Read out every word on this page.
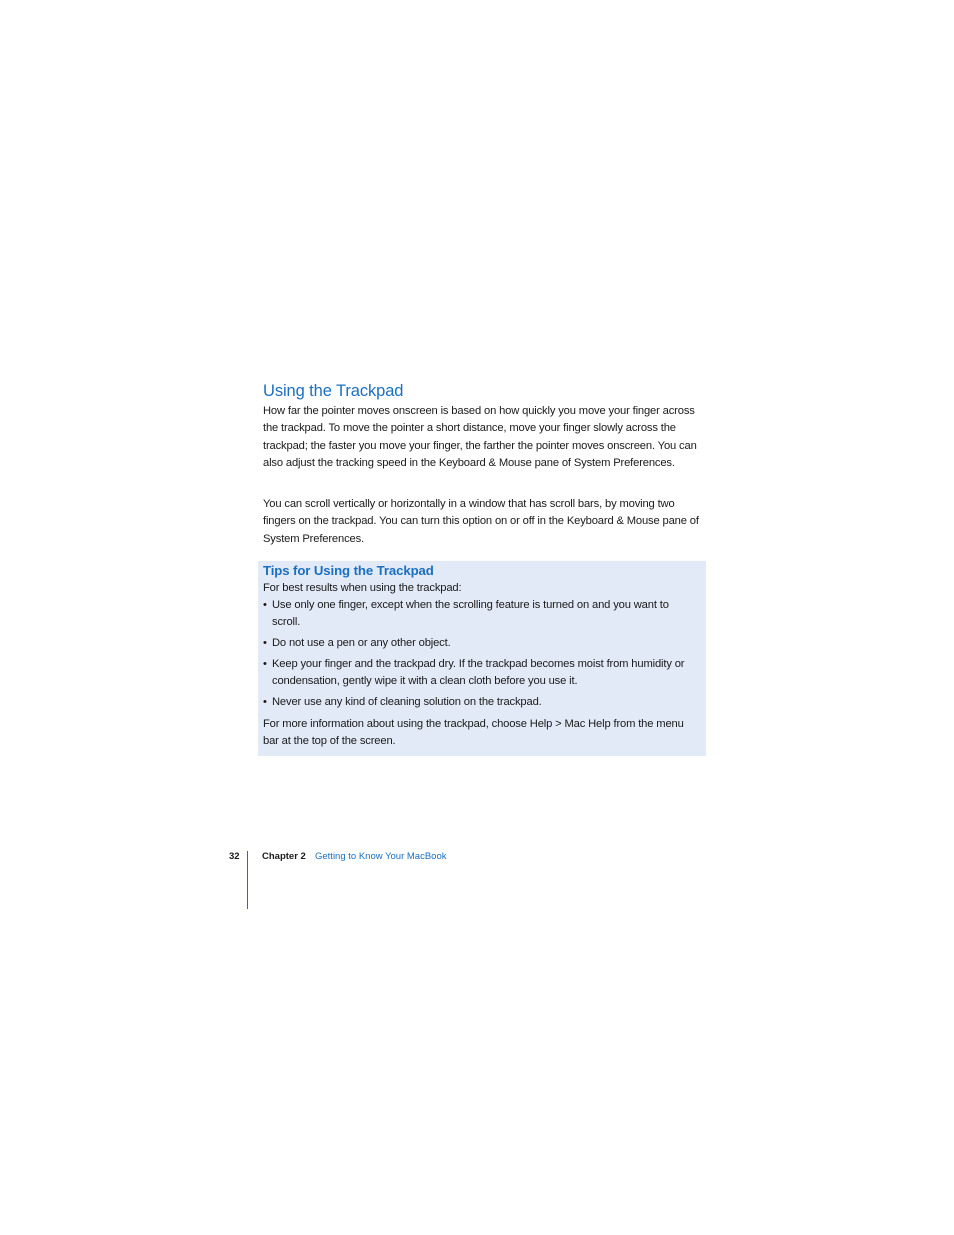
Using the Trackpad

How far the pointer moves onscreen is based on how quickly you move your finger across the trackpad. To move the pointer a short distance, move your finger slowly across the trackpad; the faster you move your finger, the farther the pointer moves onscreen. You can also adjust the tracking speed in the Keyboard & Mouse pane of System Preferences.

You can scroll vertically or horizontally in a window that has scroll bars, by moving two fingers on the trackpad. You can turn this option on or off in the Keyboard & Mouse pane of System Preferences.

Tips for Using the Trackpad

For best results when using the trackpad:

• Use only one finger, except when the scrolling feature is turned on and you want to scroll.
• Do not use a pen or any other object.
• Keep your finger and the trackpad dry. If the trackpad becomes moist from humidity or condensation, gently wipe it with a clean cloth before you use it.
• Never use any kind of cleaning solution on the trackpad.

For more information about using the trackpad, choose Help > Mac Help from the menu bar at the top of the screen.

32 Chapter 2 Getting to Know Your MacBook
